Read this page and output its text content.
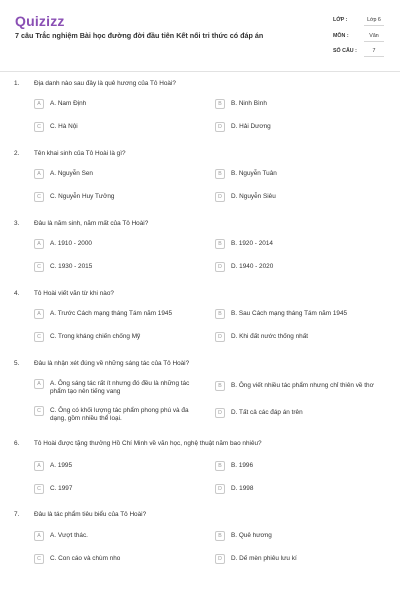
Quizizz
7 câu Trắc nghiệm Bài học đường đời đầu tiên Kết nối tri thức có đáp án
LỚP :	Lớp 6
MÔN :	Văn
SỐ CÂU :	7
1. Địa danh nào sau đây là quê hương của Tô Hoài?
A	A. Nam Định	B	B. Ninh Bình
C	C. Hà Nội	D	D. Hải Dương
2. Tên khai sinh của Tô Hoài là gì?
A	A. Nguyễn Sen	B	B. Nguyễn Tuân
C	C. Nguyễn Huy Tưởng	D	D. Nguyễn Siêu
3. Đâu là năm sinh, năm mất của Tô Hoài?
A	A. 1910 - 2000	B	B. 1920 - 2014
C	C. 1930 - 2015	D	D. 1940 - 2020
4. Tô Hoài viết văn từ khi nào?
A	A. Trước Cách mạng tháng Tám năm 1945	B	B. Sau Cách mạng tháng Tám năm 1945
C	C. Trong kháng chiến chống Mỹ	D	D. Khi đất nước thống nhất
5. Đâu là nhận xét đúng về những sáng tác của Tô Hoài?
A	A. Ông sáng tác rất ít nhưng đó đều là những tác phẩm tạo nên tiếng vang
B	B. Ông viết nhiều tác phẩm nhưng chỉ thiên về thơ
C	C. Ông có khối lượng tác phẩm phong phú và đa dạng, gồm nhiều thể loại.
D	D. Tất cả các đáp án trên
6. Tô Hoài được tặng thưởng Hồ Chí Minh về văn học, nghệ thuật năm bao nhiêu?
A	A. 1995	B	B. 1996
C	C. 1997	D	D. 1998
7. Đâu là tác phẩm tiêu biểu của Tô Hoài?
A	A. Vượt thác.	B	B. Quê hương
C	C. Con cáo và chùm nho	D	D. Dế mèn phiêu lưu kí
